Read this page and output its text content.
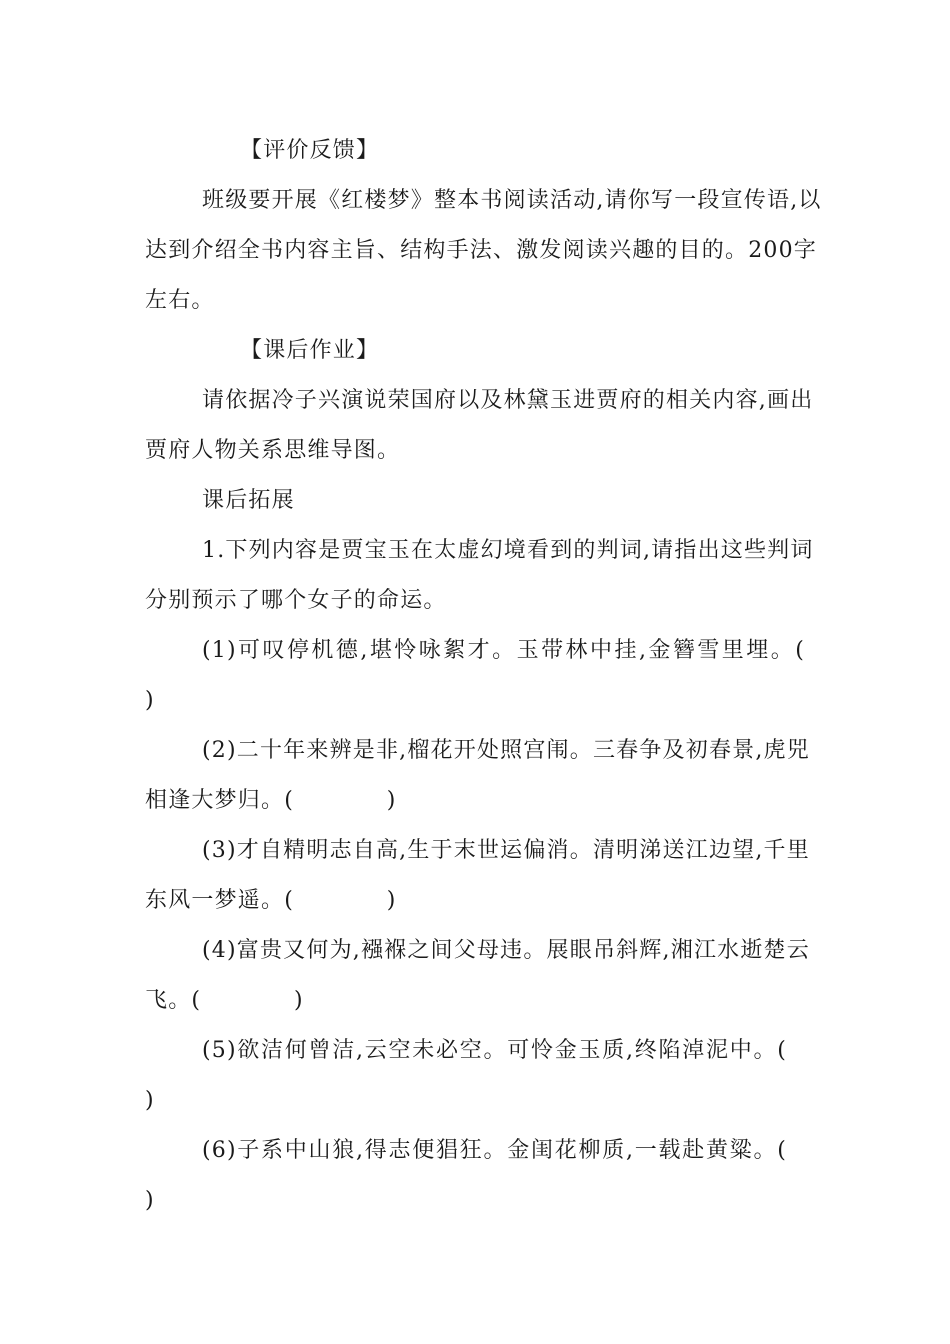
【评价反馈】
班级要开展《红楼梦》整本书阅读活动,请你写一段宣传语,以
达到介绍全书内容主旨、结构手法、激发阅读兴趣的目的。200字
左右。
【课后作业】
请依据冷子兴演说荣国府以及林黛玉进贾府的相关内容,画出
贾府人物关系思维导图。
课后拓展
1.下列内容是贾宝玉在太虚幻境看到的判词,请指出这些判词
分别预示了哪个女子的命运。
(1)可叹停机德,堪怜咏絮才。玉带林中挂,金簪雪里埋。(
)
(2)二十年来辨是非,榴花开处照宫闱。三春争及初春景,虎兕
相逢大梦归。(　　　　)
(3)才自精明志自高,生于末世运偏消。清明涕送江边望,千里
东风一梦遥。(　　　　)
(4)富贵又何为,襁褓之间父母违。展眼吊斜辉,湘江水逝楚云
飞。(　　　　)
(5)欲洁何曾洁,云空未必空。可怜金玉质,终陷淖泥中。(
)
(6)子系中山狼,得志便猖狂。金闺花柳质,一载赴黄粱。(
)
